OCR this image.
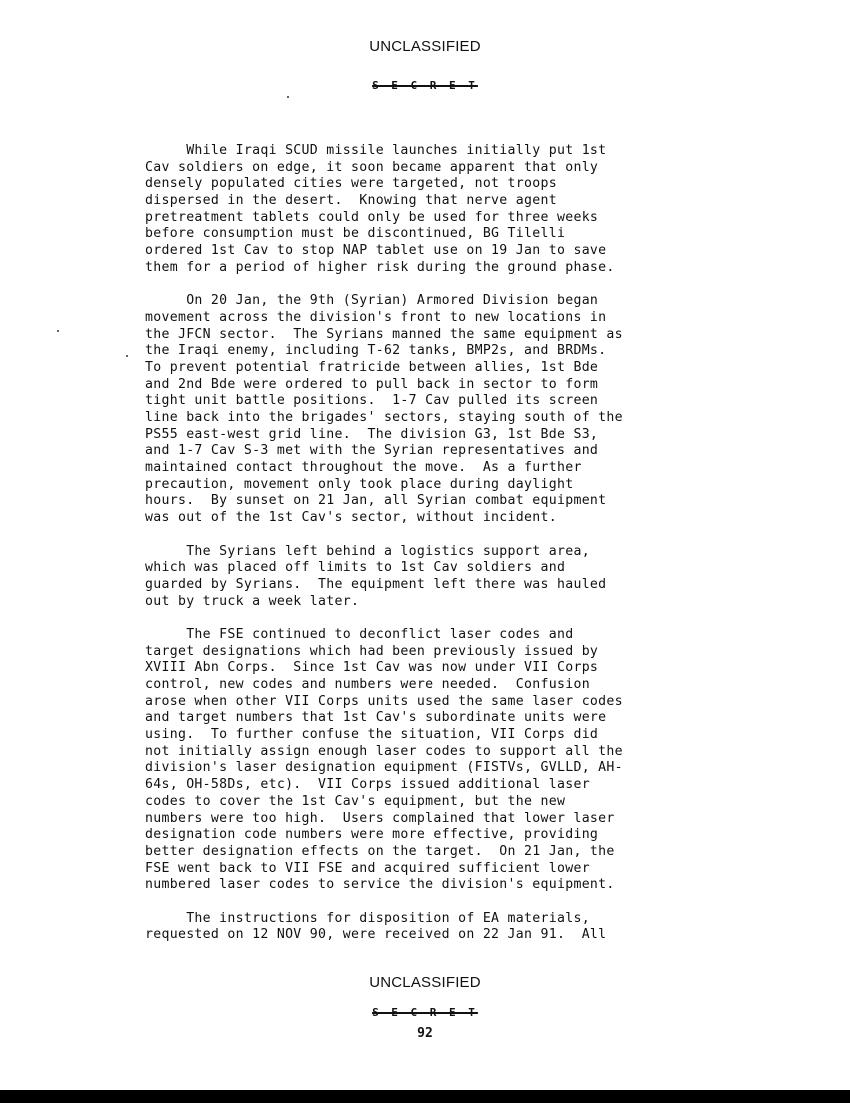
UNCLASSIFIED
S E C R E T
While Iraqi SCUD missile launches initially put 1st
Cav soldiers on edge, it soon became apparent that only
densely populated cities were targeted, not troops
dispersed in the desert.  Knowing that nerve agent
pretreatment tablets could only be used for three weeks
before consumption must be discontinued, BG Tilelli
ordered 1st Cav to stop NAP tablet use on 19 Jan to save
them for a period of higher risk during the ground phase.
On 20 Jan, the 9th (Syrian) Armored Division began
movement across the division's front to new locations in
the JFCN sector.  The Syrians manned the same equipment as
the Iraqi enemy, including T-62 tanks, BMP2s, and BRDMs.
To prevent potential fratricide between allies, 1st Bde
and 2nd Bde were ordered to pull back in sector to form
tight unit battle positions.  1-7 Cav pulled its screen
line back into the brigades' sectors, staying south of the
PS55 east-west grid line.  The division G3, 1st Bde S3,
and 1-7 Cav S-3 met with the Syrian representatives and
maintained contact throughout the move.  As a further
precaution, movement only took place during daylight
hours.  By sunset on 21 Jan, all Syrian combat equipment
was out of the 1st Cav's sector, without incident.
The Syrians left behind a logistics support area,
which was placed off limits to 1st Cav soldiers and
guarded by Syrians.  The equipment left there was hauled
out by truck a week later.
The FSE continued to deconflict laser codes and
target designations which had been previously issued by
XVIII Abn Corps.  Since 1st Cav was now under VII Corps
control, new codes and numbers were needed.  Confusion
arose when other VII Corps units used the same laser codes
and target numbers that 1st Cav's subordinate units were
using.  To further confuse the situation, VII Corps did
not initially assign enough laser codes to support all the
division's laser designation equipment (FISTVs, GVLLD, AH-
64s, OH-58Ds, etc).  VII Corps issued additional laser
codes to cover the 1st Cav's equipment, but the new
numbers were too high.  Users complained that lower laser
designation code numbers were more effective, providing
better designation effects on the target.  On 21 Jan, the
FSE went back to VII FSE and acquired sufficient lower
numbered laser codes to service the division's equipment.
The instructions for disposition of EA materials,
requested on 12 NOV 90, were received on 22 Jan 91.  All
UNCLASSIFIED
S E C R E T
92
